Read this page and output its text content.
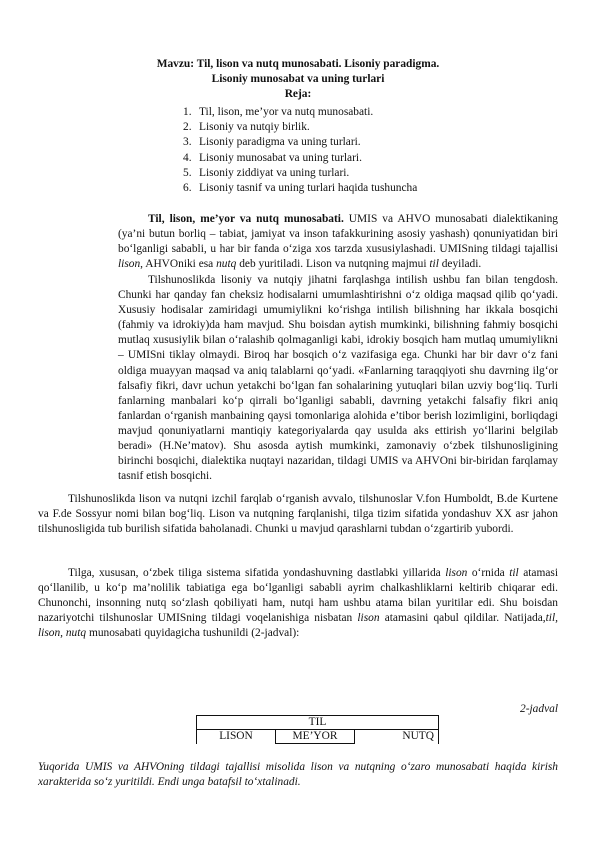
Mavzu: Til, lison va nutq munosabati. Lisoniy paradigma.
Lisoniy munosabat va uning turlari
Reja:
1. Til, lison, me’yor va nutq munosabati.
2. Lisoniy va nutqiy birlik.
3. Lisoniy paradigma va uning turlari.
4. Lisoniy munosabat va uning turlari.
5. Lisoniy ziddiyat va uning turlari.
6. Lisoniy tasnif va uning turlari haqida tushuncha

Til, lison, me’yor va nutq munosabati. UMIS va AHVO munosabati dialektikaning (ya’ni butun borliq – tabiat, jamiyat va inson tafakkurining asosiy yashash) qonuniyatidan biri bo‘lganligi sababli, u har bir fanda o‘ziga xos tarzda xususiylashadi. UMISning tildagi tajallisi lison, AHVOniki esa nutq deb yuritiladi. Lison va nutqning majmui til deyiladi.

Tilshunoslikda lisoniy va nutqiy jihatni farqlashga intilish ushbu fan bilan tengdosh. Chunki har qanday fan cheksiz hodisalarni umumlashtirishni o‘z oldiga maqsad qilib qo‘yadi. Xususiy hodisalar zamiridagi umumiylikni ko‘rishga intilish bilishning har ikkala bosqichi (fahmiy va idrokiy)da ham mavjud. Shu boisdan aytish mumkinki, bilishning fahmiy bosqichi mutlaq xususiylik bilan o‘ralashib qolmaganligi kabi, idrokiy bosqich ham mutlaq umumiylikni – UMISni tiklay olmaydi. Biroq har bosqich o‘z vazifasiga ega. Chunki har bir davr o‘z fani oldiga muayyan maqsad va aniq talablarni qo‘yadi. «Fanlarning taraqqiyoti shu davrning ilg‘or falsafiy fikri, davr uchun yetakchi bo‘lgan fan sohalarining yutuqlari bilan uzviy bog‘liq. Turli fanlarning manbalari ko‘p qirrali bo‘lganligi sababli, davrning yetakchi falsafiy fikri aniq fanlardan o‘rganish manbaining qaysi tomonlariga alohida e’tibor berish lozimligini, borliqdagi mavjud qonuniyatlarni mantiqiy kategoriyalarda qay usulda aks ettirish yo‘llarini belgilab beradi» (H.Ne’matov). Shu asosda aytish mumkinki, zamonaviy o‘zbek tilshunosligining birinchi bosqichi, dialektika nuqtayi nazaridan, tildagi UMIS va AHVOni bir-biridan farqlamay tasnif etish bosqichi.

Tilshunoslikda lison va nutqni izchil farqlab o‘rganish avvalo, tilshunoslar V.fon Humboldt, B.de Kurtene va F.de Sossyur nomi bilan bog‘liq. Lison va nutqning farqlanishi, tilga tizim sifatida yondashuv XX asr jahon tilshunosligida tub burilish sifatida baholanadi. Chunki u mavjud qarashlarni tubdan o‘zgartirib yubordi.

Tilga, xususan, o‘zbek tiliga sistema sifatida yondashuvning dastlabki yillarida lison o‘rnida til atamasi qo‘llanilib, u ko‘p ma’nolilik tabiatiga ega bo‘lganligi sababli ayrim chalkashliklarni keltirib chiqarar edi. Chunonchi, insonning nutq so‘zlash qobiliyati ham, nutqi ham ushbu atama bilan yuritilar edi. Shu boisdan nazariyotchi tilshunoslar UMISning tildagi voqelanishiga nisbatan lison atamasini qabul qildilar. Natijada,til, lison, nutq munosabati quyidagicha tushunildi (2-jadval):

2-jadval
TIL
LISON	ME’YOR	NUTQ

Yuqorida UMIS va AHVOning tildagi tajallisi misolida lison va nutqning o‘zaro munosabati haqida kirish xarakterida so‘z yuritildi. Endi unga batafsil to‘xtalinadi.
